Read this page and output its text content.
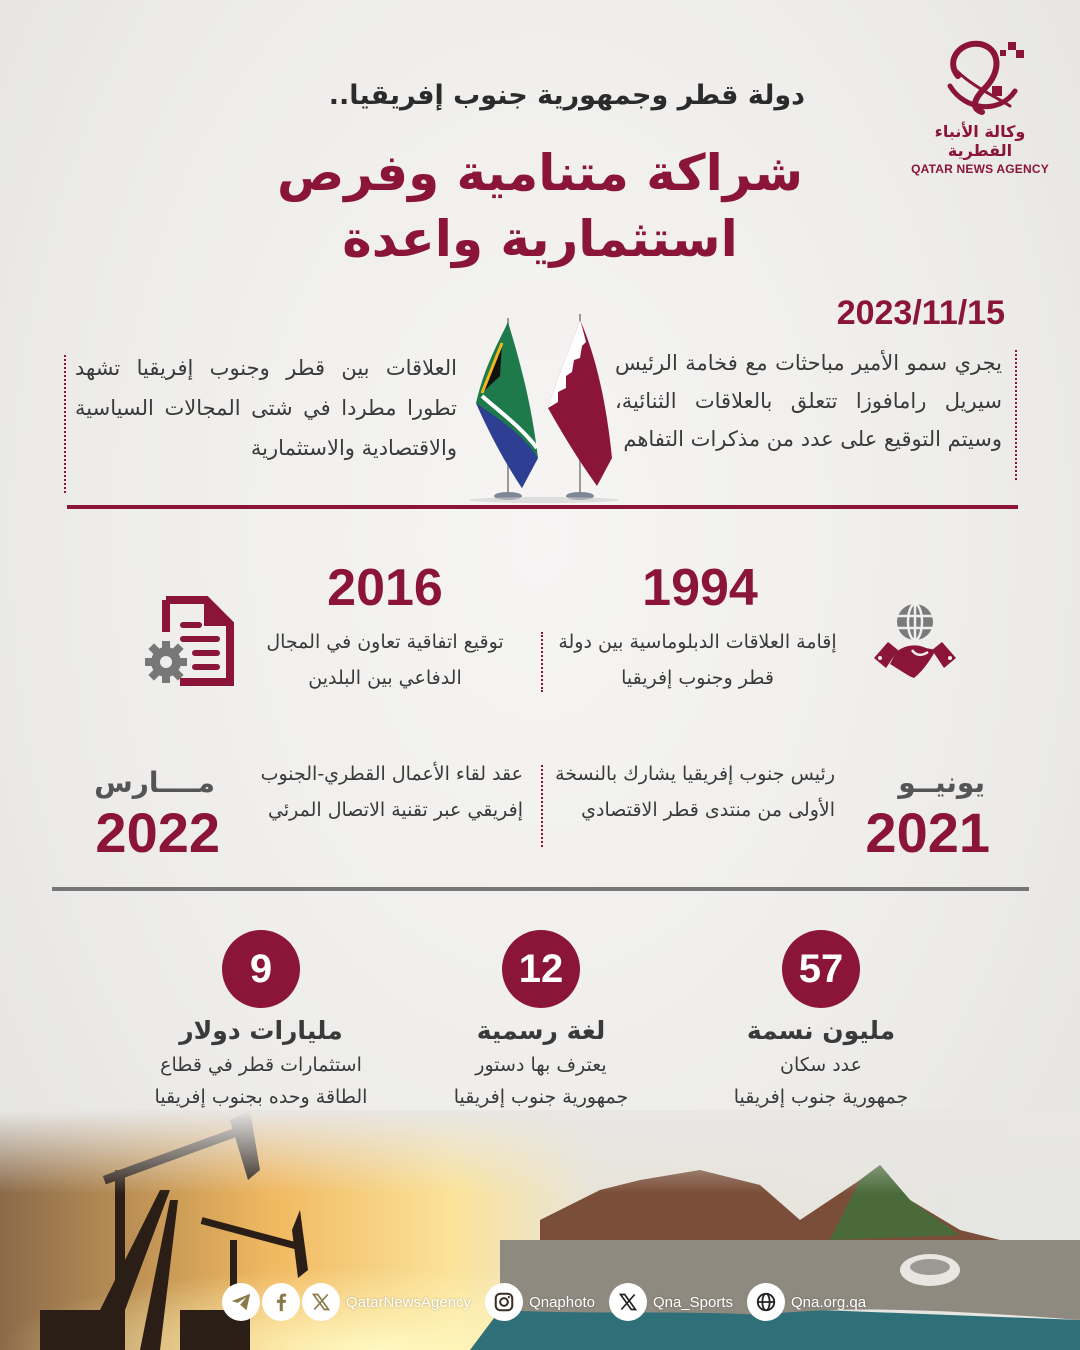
وكالة الأنباء القطرية
QATAR NEWS AGENCY
دولة قطر وجمهورية جنوب إفريقيا..
شراكة متنامية وفرص استثمارية واعدة
2023/11/15
يجري سمو الأمير مباحثات مع فخامة الرئيس سيريل رامافوزا تتعلق بالعلاقات الثنائية، وسيتم التوقيع على عدد من مذكرات التفاهم
العلاقات بين قطر وجنوب إفريقيا تشهد تطورا مطردا في شتى المجالات السياسية والاقتصادية والاستثمارية
1994
إقامة العلاقات الدبلوماسية بين دولة قطر وجنوب إفريقيا
2016
توقيع اتفاقية تعاون في المجال الدفاعي بين البلدين
يونيــو
2021
رئيس جنوب إفريقيا يشارك بالنسخة الأولى من منتدى قطر الاقتصادي
عقد لقاء الأعمال القطري-الجنوب إفريقي عبر تقنية الاتصال المرئي
مــــارس
2022
57
مليون نسمة
عدد سكان
جمهورية جنوب إفريقيا
12
لغة رسمية
يعترف بها دستور
جمهورية جنوب إفريقيا
9
مليارات دولار
استثمارات قطر في قطاع
الطاقة وحده بجنوب إفريقيا
QatarNewsAgency	Qnaphoto	Qna_Sports	Qna.org.qa
